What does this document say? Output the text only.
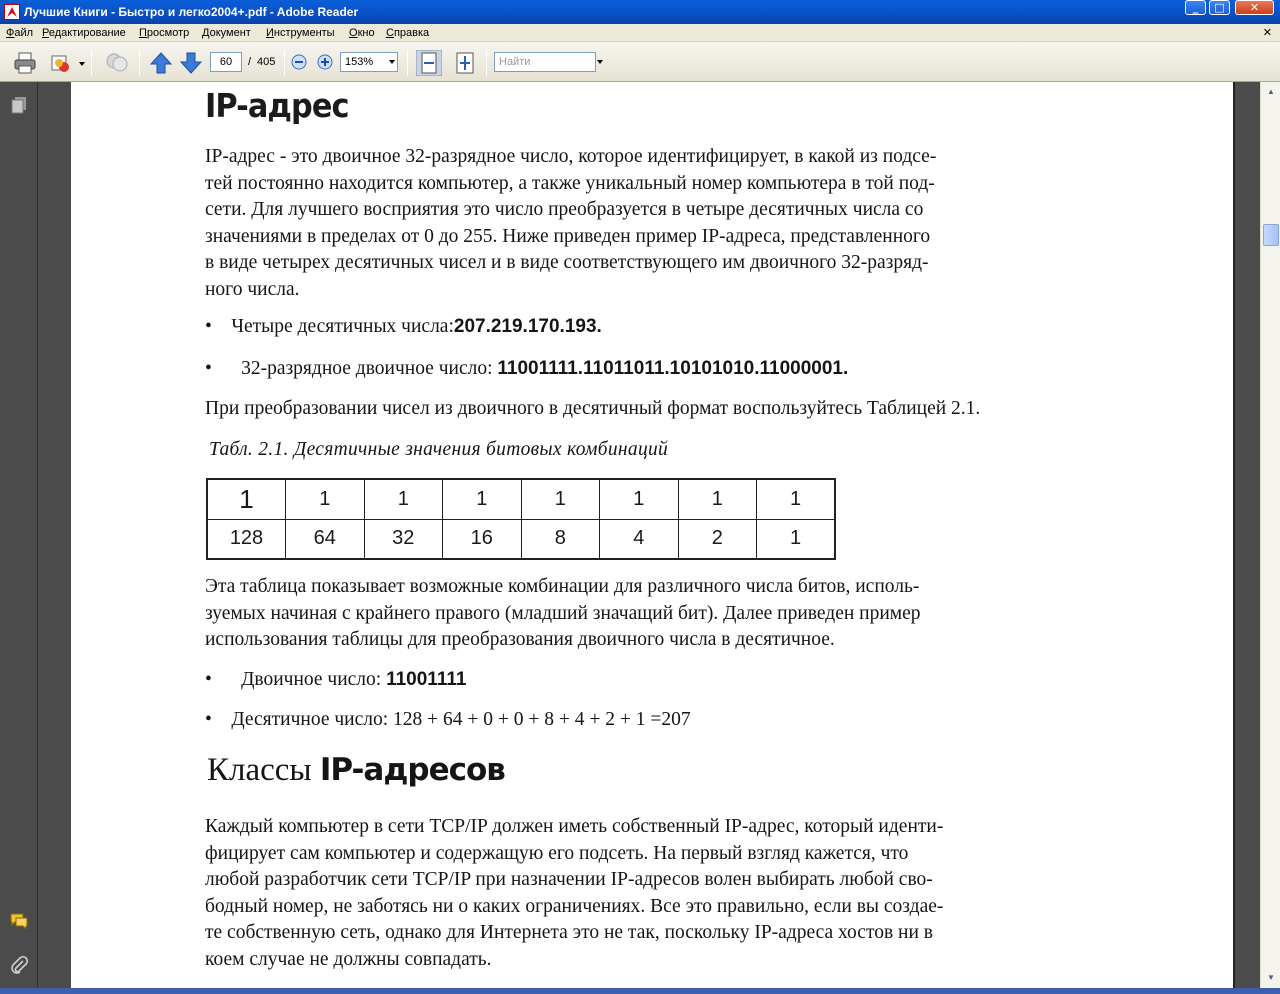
Лучшие Книги - Быстро и легко2004+.pdf - Adobe Reader	_	□	✕
Файл Редактирование Просмотр Документ Инструменты Окно Справка	✕
60	/ 405	153%	Найти
IP-адрес
IP-адрес - это двоичное 32-разрядное число, которое идентифицирует, в какой из подсе-
тей постоянно находится компьютер, а также уникальный номер компьютера в той под-
сети. Для лучшего восприятия это число преобразуется в четыре десятичных числа со
значениями в пределах от 0 до 255. Ниже приведен пример IP-адреса, представленного
в виде четырех десятичных чисел и в виде соответствующего им двоичного 32-разряд-
ного числа.
• Четыре десятичных числа:207.219.170.193.
• 32-разрядное двоичное число: 11001111.11011011.10101010.11000001.
При преобразовании чисел из двоичного в десятичный формат воспользуйтесь Таблицей 2.1.
Табл. 2.1. Десятичные значения битовых комбинаций
1	1	1	1	1	1	1	1
128	64	32	16	8	4	2	1
Эта таблица показывает возможные комбинации для различного числа битов, исполь-
зуемых начиная с крайнего правого (младший значащий бит). Далее приведен пример
использования таблицы для преобразования двоичного числа в десятичное.
• Двоичное число: 11001111
• Десятичное число: 128 + 64 + 0 + 0 + 8 + 4 + 2 + 1 =207
Классы IP-адресов
Каждый компьютер в сети TCP/IP должен иметь собственный IP-адрес, который иденти-
фицирует сам компьютер и содержащую его подсеть. На первый взгляд кажется, что
любой разработчик сети TCP/IP при назначении IP-адресов волен выбирать любой сво-
бодный номер, не заботясь ни о каких ограничениях. Все это правильно, если вы создае-
те собственную сеть, однако для Интернета это не так, поскольку IP-адреса хостов ни в
коем случае не должны совпадать.
▲
▼
